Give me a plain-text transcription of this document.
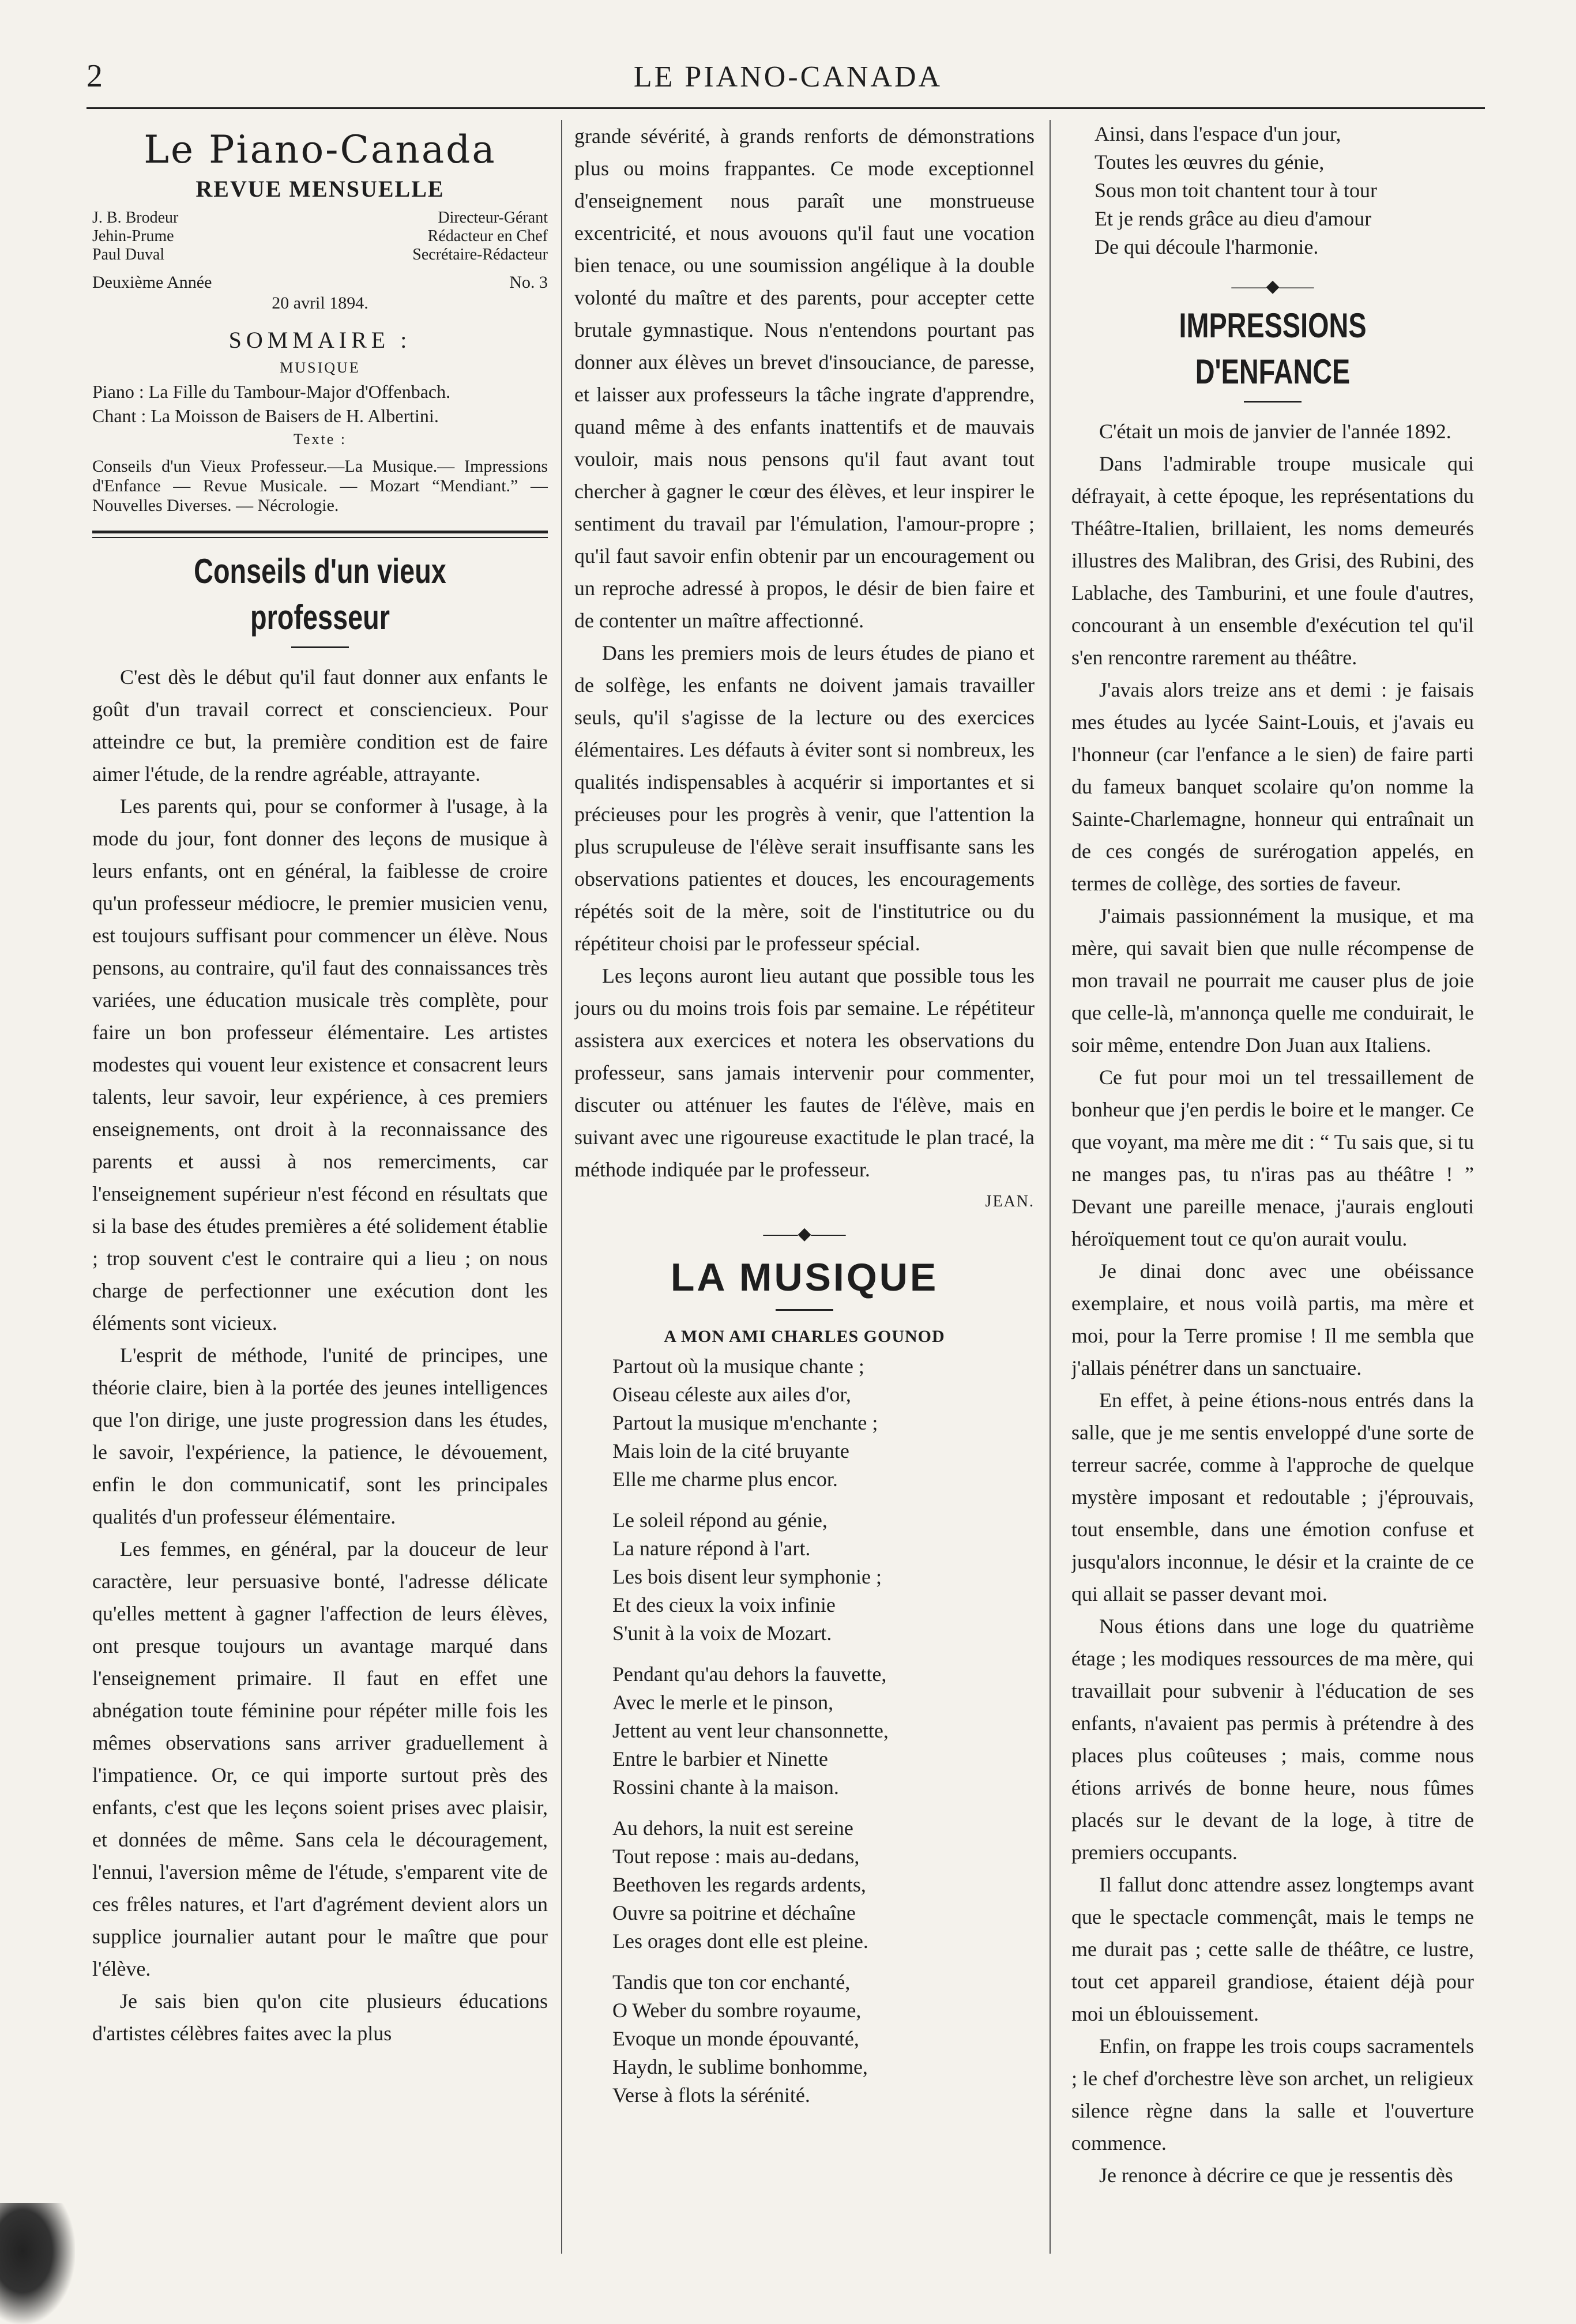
2	LE PIANO-CANADA
Le Piano-Canada
REVUE MENSUELLE
J. B. Brodeur	Directeur-Gérant
Jehin-Prume	Rédacteur en Chef
Paul Duval	Secrétaire-Rédacteur
Deuxième Année	No. 3
20 avril 1894.
SOMMAIRE :
MUSIQUE
Piano : La Fille du Tambour-Major d'Offenbach.
Chant : La Moisson de Baisers de H. Albertini.
Texte :
Conseils d'un Vieux Professeur.—La Musique.— Impressions d'Enfance — Revue Musicale. — Mozart “Mendiant.” — Nouvelles Diverses. — Nécrologie.
Conseils d'un vieux professeur

C'est dès le début qu'il faut donner aux enfants le goût d'un travail correct et consciencieux. Pour atteindre ce but, la première condition est de faire aimer l'étude, de la rendre agréable, attrayante.

Les parents qui, pour se conformer à l'usage, à la mode du jour, font donner des leçons de musique à leurs enfants, ont en général, la faiblesse de croire qu'un professeur médiocre, le premier musicien venu, est toujours suffisant pour commencer un élève. Nous pensons, au contraire, qu'il faut des connaissances très variées, une éducation musicale très complète, pour faire un bon professeur élémentaire. Les artistes modestes qui vouent leur existence et consacrent leurs talents, leur savoir, leur expérience, à ces premiers enseignements, ont droit à la reconnaissance des parents et aussi à nos remerciments, car l'enseignement supérieur n'est fécond en résultats que si la base des études premières a été solidement établie ; trop souvent c'est le contraire qui a lieu ; on nous charge de perfectionner une exécution dont les éléments sont vicieux.

L'esprit de méthode, l'unité de principes, une théorie claire, bien à la portée des jeunes intelligences que l'on dirige, une juste progression dans les études, le savoir, l'expérience, la patience, le dévouement, enfin le don communicatif, sont les principales qualités d'un professeur élémentaire.

Les femmes, en général, par la douceur de leur caractère, leur persuasive bonté, l'adresse délicate qu'elles mettent à gagner l'affection de leurs élèves, ont presque toujours un avantage marqué dans l'enseignement primaire. Il faut en effet une abnégation toute féminine pour répéter mille fois les mêmes observations sans arriver graduellement à l'impatience. Or, ce qui importe surtout près des enfants, c'est que les leçons soient prises avec plaisir, et données de même. Sans cela le découragement, l'ennui, l'aversion même de l'étude, s'emparent vite de ces frêles natures, et l'art d'agrément devient alors un supplice journalier autant pour le maître que pour l'élève.

Je sais bien qu'on cite plusieurs éducations d'artistes célèbres faites avec la plus

grande sévérité, à grands renforts de démonstrations plus ou moins frappantes. Ce mode exceptionnel d'enseignement nous paraît une monstrueuse excentricité, et nous avouons qu'il faut une vocation bien tenace, ou une soumission angélique à la double volonté du maître et des parents, pour accepter cette brutale gymnastique. Nous n'entendons pourtant pas donner aux élèves un brevet d'insouciance, de paresse, et laisser aux professeurs la tâche ingrate d'apprendre, quand même à des enfants inattentifs et de mauvais vouloir, mais nous pensons qu'il faut avant tout chercher à gagner le cœur des élèves, et leur inspirer le sentiment du travail par l'émulation, l'amour-propre ; qu'il faut savoir enfin obtenir par un encouragement ou un reproche adressé à propos, le désir de bien faire et de contenter un maître affectionné.

Dans les premiers mois de leurs études de piano et de solfège, les enfants ne doivent jamais travailler seuls, qu'il s'agisse de la lecture ou des exercices élémentaires. Les défauts à éviter sont si nombreux, les qualités indispensables à acquérir si importantes et si précieuses pour les progrès à venir, que l'attention la plus scrupuleuse de l'élève serait insuffisante sans les observations patientes et douces, les encouragements répétés soit de la mère, soit de l'institutrice ou du répétiteur choisi par le professeur spécial.

Les leçons auront lieu autant que possible tous les jours ou du moins trois fois par semaine. Le répétiteur assistera aux exercices et notera les observations du professeur, sans jamais intervenir pour commenter, discuter ou atténuer les fautes de l'élève, mais en suivant avec une rigoureuse exactitude le plan tracé, la méthode indiquée par le professeur.

JEAN.
——◆——
LA MUSIQUE
A MON AMI CHARLES GOUNOD
Partout où la musique chante ;
Oiseau céleste aux ailes d'or,
Partout la musique m'enchante ;
Mais loin de la cité bruyante
Elle me charme plus encor.
Le soleil répond au génie,
La nature répond à l'art.
Les bois disent leur symphonie ;
Et des cieux la voix infinie
S'unit à la voix de Mozart.
Pendant qu'au dehors la fauvette,
Avec le merle et le pinson,
Jettent au vent leur chansonnette,
Entre le barbier et Ninette
Rossini chante à la maison.
Au dehors, la nuit est sereine
Tout repose : mais au-dedans,
Beethoven les regards ardents,
Ouvre sa poitrine et déchaîne
Les orages dont elle est pleine.
Tandis que ton cor enchanté,
O Weber du sombre royaume,
Evoque un monde épouvanté,
Haydn, le sublime bonhomme,
Verse à flots la sérénité.
Ainsi, dans l'espace d'un jour,
Toutes les œuvres du génie,
Sous mon toit chantent tour à tour
Et je rends grâce au dieu d'amour
De qui découle l'harmonie.
——◆——
IMPRESSIONS D'ENFANCE

C'était un mois de janvier de l'année 1892.

Dans l'admirable troupe musicale qui défrayait, à cette époque, les représentations du Théâtre-Italien, brillaient, les noms demeurés illustres des Malibran, des Grisi, des Rubini, des Lablache, des Tamburini, et une foule d'autres, concourant à un ensemble d'exécution tel qu'il s'en rencontre rarement au théâtre.

J'avais alors treize ans et demi : je faisais mes études au lycée Saint-Louis, et j'avais eu l'honneur (car l'enfance a le sien) de faire parti du fameux banquet scolaire qu'on nomme la Sainte-Charlemagne, honneur qui entraînait un de ces congés de surérogation appelés, en termes de collège, des sorties de faveur.

J'aimais passionnément la musique, et ma mère, qui savait bien que nulle récompense de mon travail ne pourrait me causer plus de joie que celle-là, m'annonça quelle me conduirait, le soir même, entendre Don Juan aux Italiens.

Ce fut pour moi un tel tressaillement de bonheur que j'en perdis le boire et le manger. Ce que voyant, ma mère me dit : “ Tu sais que, si tu ne manges pas, tu n'iras pas au théâtre ! ” Devant une pareille menace, j'aurais englouti héroïquement tout ce qu'on aurait voulu.

Je dinai donc avec une obéissance exemplaire, et nous voilà partis, ma mère et moi, pour la Terre promise ! Il me sembla que j'allais pénétrer dans un sanctuaire.

En effet, à peine étions-nous entrés dans la salle, que je me sentis enveloppé d'une sorte de terreur sacrée, comme à l'approche de quelque mystère imposant et redoutable ; j'éprouvais, tout ensemble, dans une émotion confuse et jusqu'alors inconnue, le désir et la crainte de ce qui allait se passer devant moi.

Nous étions dans une loge du quatrième étage ; les modiques ressources de ma mère, qui travaillait pour subvenir à l'éducation de ses enfants, n'avaient pas permis à prétendre à des places plus coûteuses ; mais, comme nous étions arrivés de bonne heure, nous fûmes placés sur le devant de la loge, à titre de premiers occupants.

Il fallut donc attendre assez longtemps avant que le spectacle commençât, mais le temps ne me durait pas ; cette salle de théâtre, ce lustre, tout cet appareil grandiose, étaient déjà pour moi un éblouissement.

Enfin, on frappe les trois coups sacramentels ; le chef d'orchestre lève son archet, un religieux silence règne dans la salle et l'ouverture commence.

Je renonce à décrire ce que je ressentis dès
